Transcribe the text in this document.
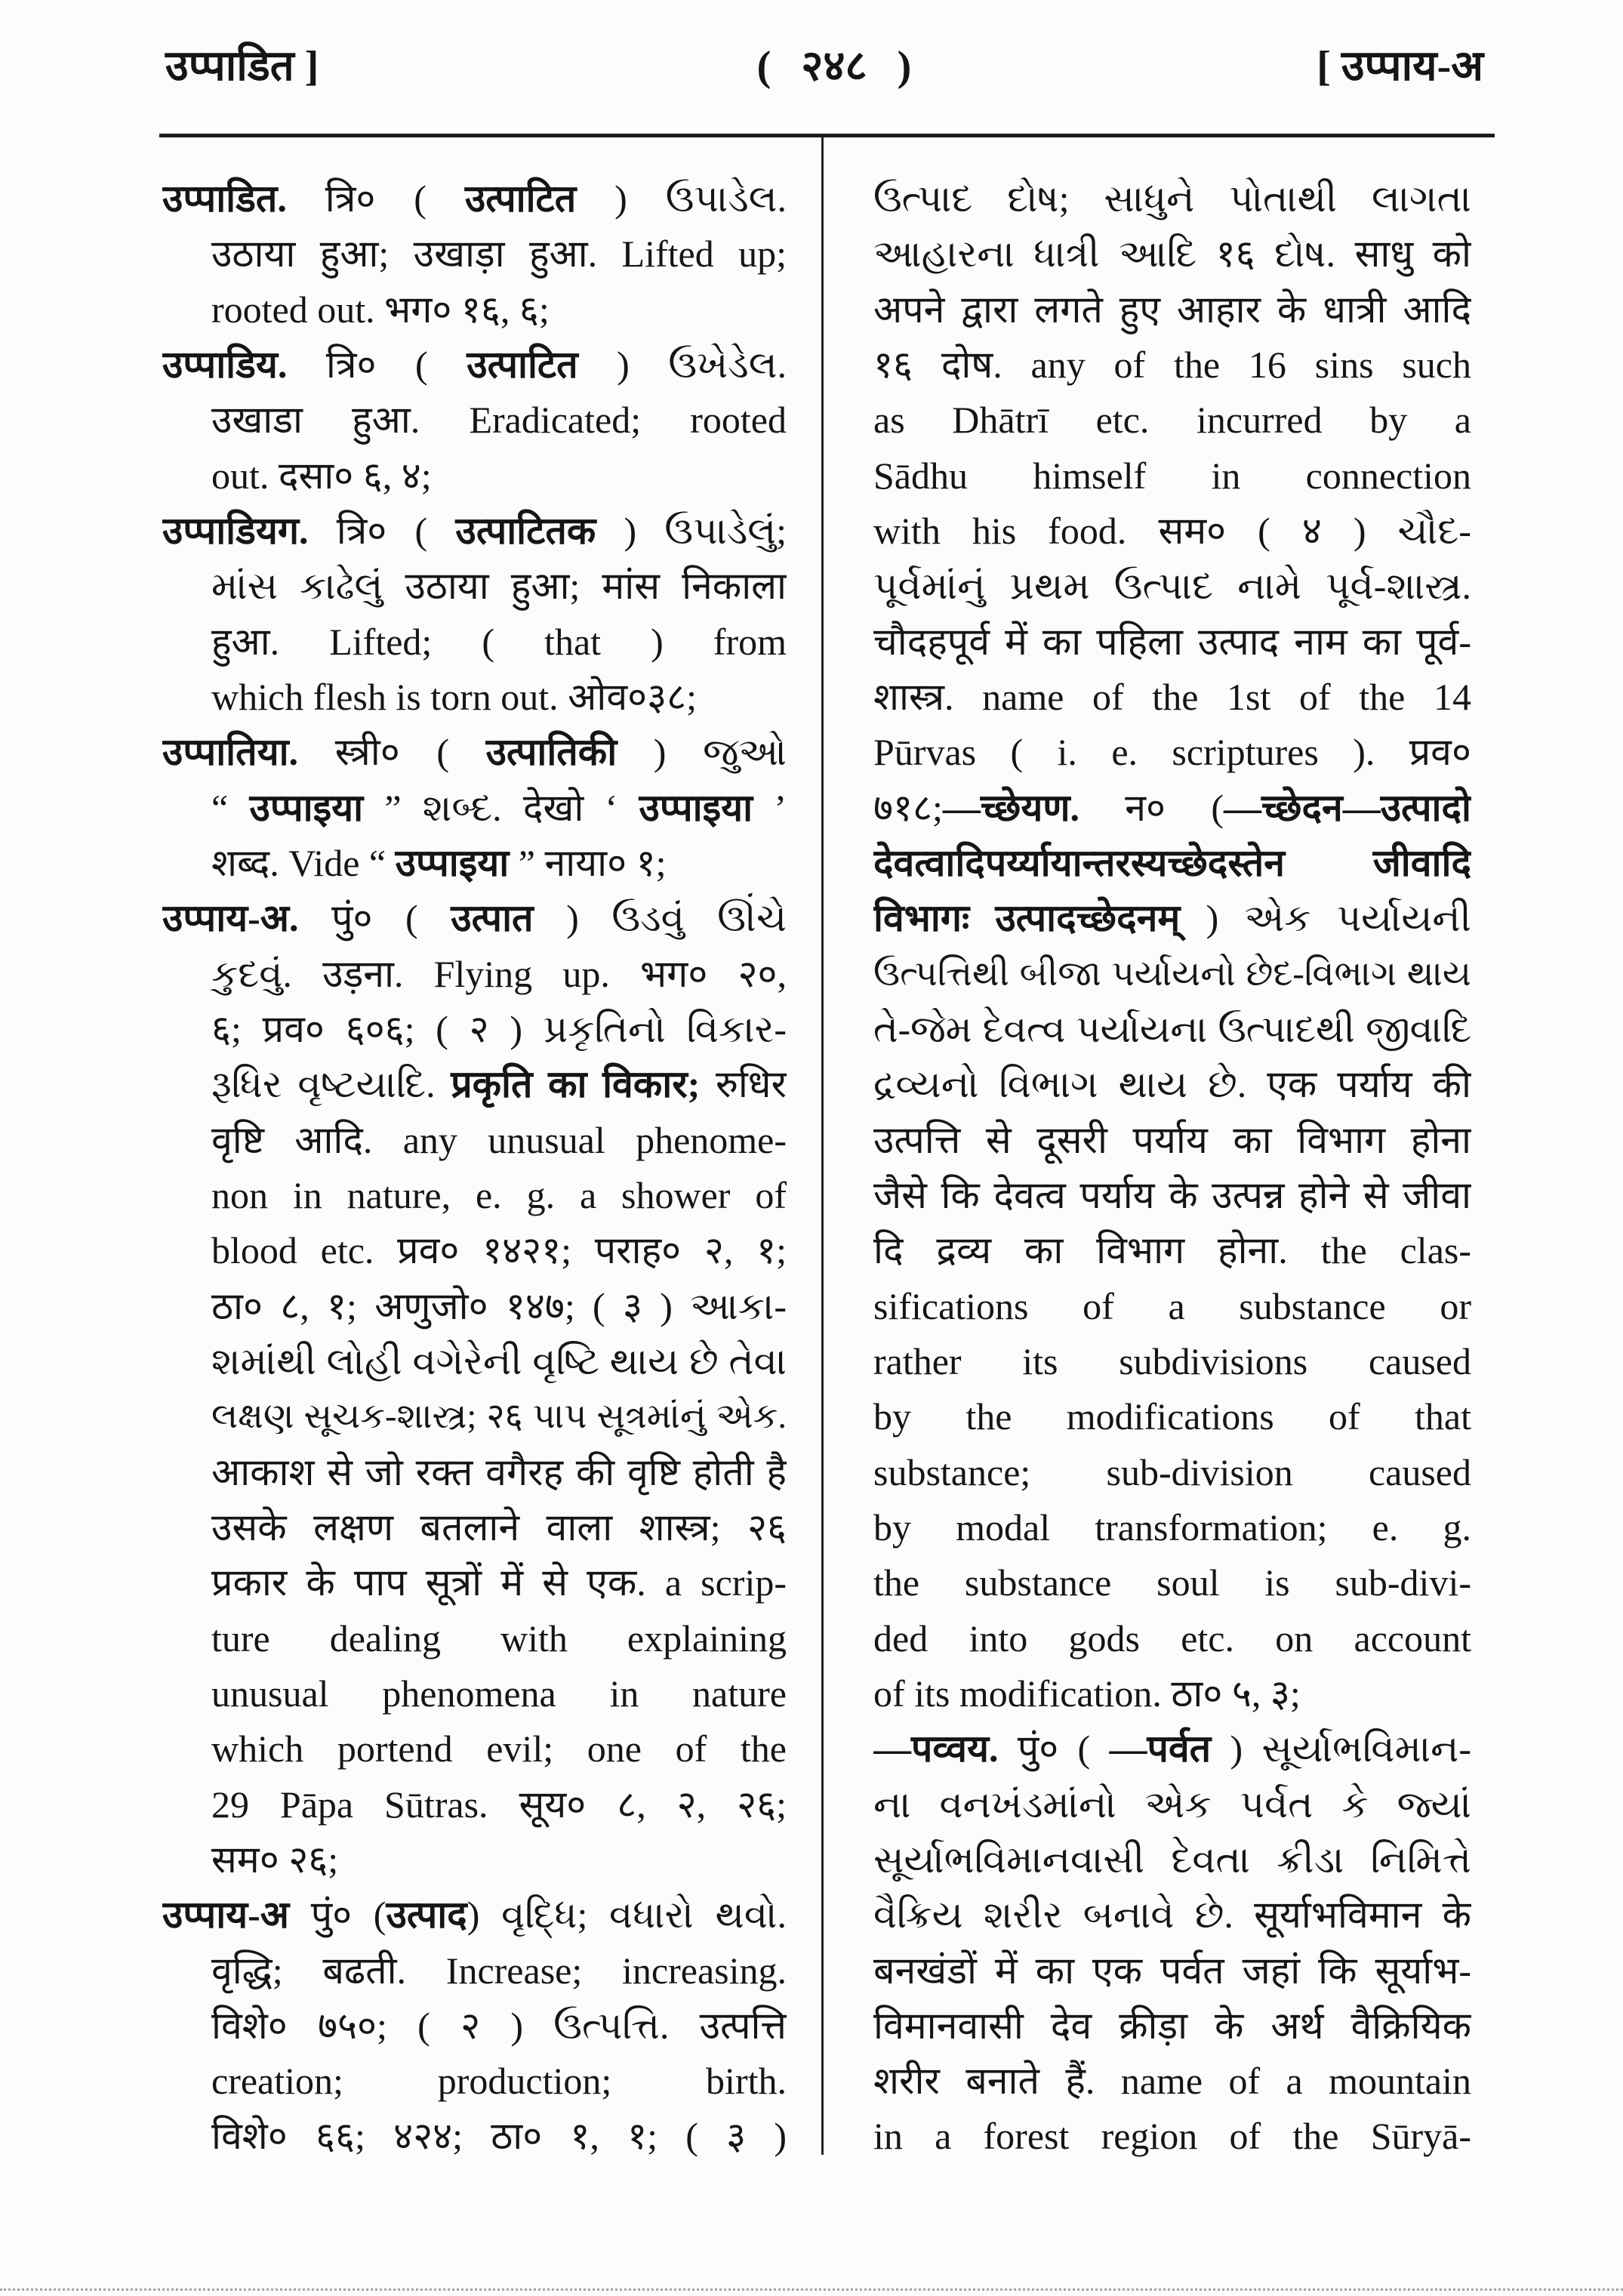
उप्पाडित ]	( २४८ )	[ उप्पाय-अ
उप्पाडित. त्रि० ( उत्पाटित ) ઉપાડેલ.
उठाया हुआ; उखाड़ा हुआ. Lifted up;
rooted out. भग० १६, ६;
उप्पाडिय. त्रि० ( उत्पाटित ) ઉખેડેલ.
उखाडा हुआ. Eradicated; rooted
out. दसा० ६, ४;
उप्पाडियग. त्रि० ( उत्पाटितक ) ઉપાડેલું;
માંસ કાઢેલું उठाया हुआ; मांस निकाला
हुआ. Lifted; ( that ) from
which flesh is torn out. ओव०३८;
उप्पातिया. स्त्री० ( उत्पातिकी ) જુઓ
“ उप्पाइया ” શબ્દ. देखो ‘ उप्पाइया ’
शब्द. Vide “ उप्पाइया ” नाया० १;
उप्पाय-अ. पुं० ( उत्पात ) ઉડવું ઊંચે
કુદવું. उड़ना. Flying up. भग० २०,
६; प्रव० ६०६; ( २ ) પ્રકૃતિનો વિકાર-
રૂધિર વૃષ્ટયાદિ. प्रकृति का विकार; रुधिर
वृष्टि आदि. any unusual phenome-
non in nature, e. g. a shower of
blood etc. प्रव० १४२१; पराह० २, १;
ठा० ८, १; अणुजो० १४७; ( ३ ) આકા-
શમાંથી લોહી વગેરેની વૃષ્ટિ થાય છે તેવા
લક્ષણ સૂચક-શાસ્ત્ર; २६ પાપ સૂત્રમાંનું એક.
आकाश से जो रक्त वगैरह की वृष्टि होती है
उसके लक्षण बतलाने वाला शास्त्र; २६
प्रकार के पाप सूत्रों में से एक. a scrip-
ture dealing with explaining
unusual phenomena in nature
which portend evil; one of the
29 Pāpa Sūtras. सूय० ८, २, २६;
सम० २६;
उप्पाय-अ पुं० (उत्पाद) વૃદ્ધિ; વધારો થવો.
वृद्धि; बढती. Increase; increasing.
विशे० ७५०; ( २ ) ઉત્પત્તિ. उत्पत्ति
creation; production; birth.
विशे० ६६; ४२४; ठा० १, १; ( ३ )
ઉત્પાદ દોષ; સાધુને પોતાથી લાગતા
આહારના ધાત્રી આદિ १६ દોષ. साधु को
अपने द्वारा लगते हुए आहार के धात्री आदि
१६ दोष. any of the 16 sins such
as Dhātrī etc. incurred by a
Sādhu himself in connection
with his food. सम० ( ४ ) ચૌદ-
પૂર્વમાંનું પ્રથમ ઉત્પાદ નામે પૂર્વ-શાસ્ત્ર.
चौदहपूर्व में का पहिला उत्पाद नाम का पूर्व-
शास्त्र. name of the 1st of the 14
Pūrvas ( i. e. scriptures ). प्रव०
७१८;—च्छेयण. न० (—च्छेदन—उत्पादो
देवत्वादिपर्य्यायान्तरस्यच्छेदस्तेन जीवादि
विभागः उत्पादच्छेदनम् ) એક પર્યાયની
ઉત્પત્તિથી બીજા પર્યાયનો છેદ-વિભાગ થાય
તે-જેમ દેવત્વ પર્યાયના ઉત્પાદથી જીવાદિ
દ્રવ્યનો વિભાગ થાય છે. एक पर्याय की
उत्पत्ति से दूसरी पर्याय का विभाग होना
जैसे कि देवत्व पर्याय के उत्पन्न होने से जीवा
दि द्रव्य का विभाग होना. the clas-
sifications of a substance or
rather its subdivisions caused
by the modifications of that
substance; sub-division caused
by modal transformation; e. g.
the substance soul is sub-divi-
ded into gods etc. on account
of its modification. ठा० ५, ३;
—पव्वय. पुं० ( —पर्वत ) સૂર્યાભવિમાન-
ના વનખંડમાંનો એક પર્વત કે જ્યાં
સૂર્યાભવિમાનવાસી દેવતા ક્રીડા નિમિત્તે
વૈક્રિય શરીર બનાવે છે. सूर्याभविमान के
बनखंडों में का एक पर्वत जहां कि सूर्याभ-
विमानवासी देव क्रीड़ा के अर्थ वैक्रियिक
शरीर बनाते हैं. name of a mountain
in a forest region of the Sūryā-
